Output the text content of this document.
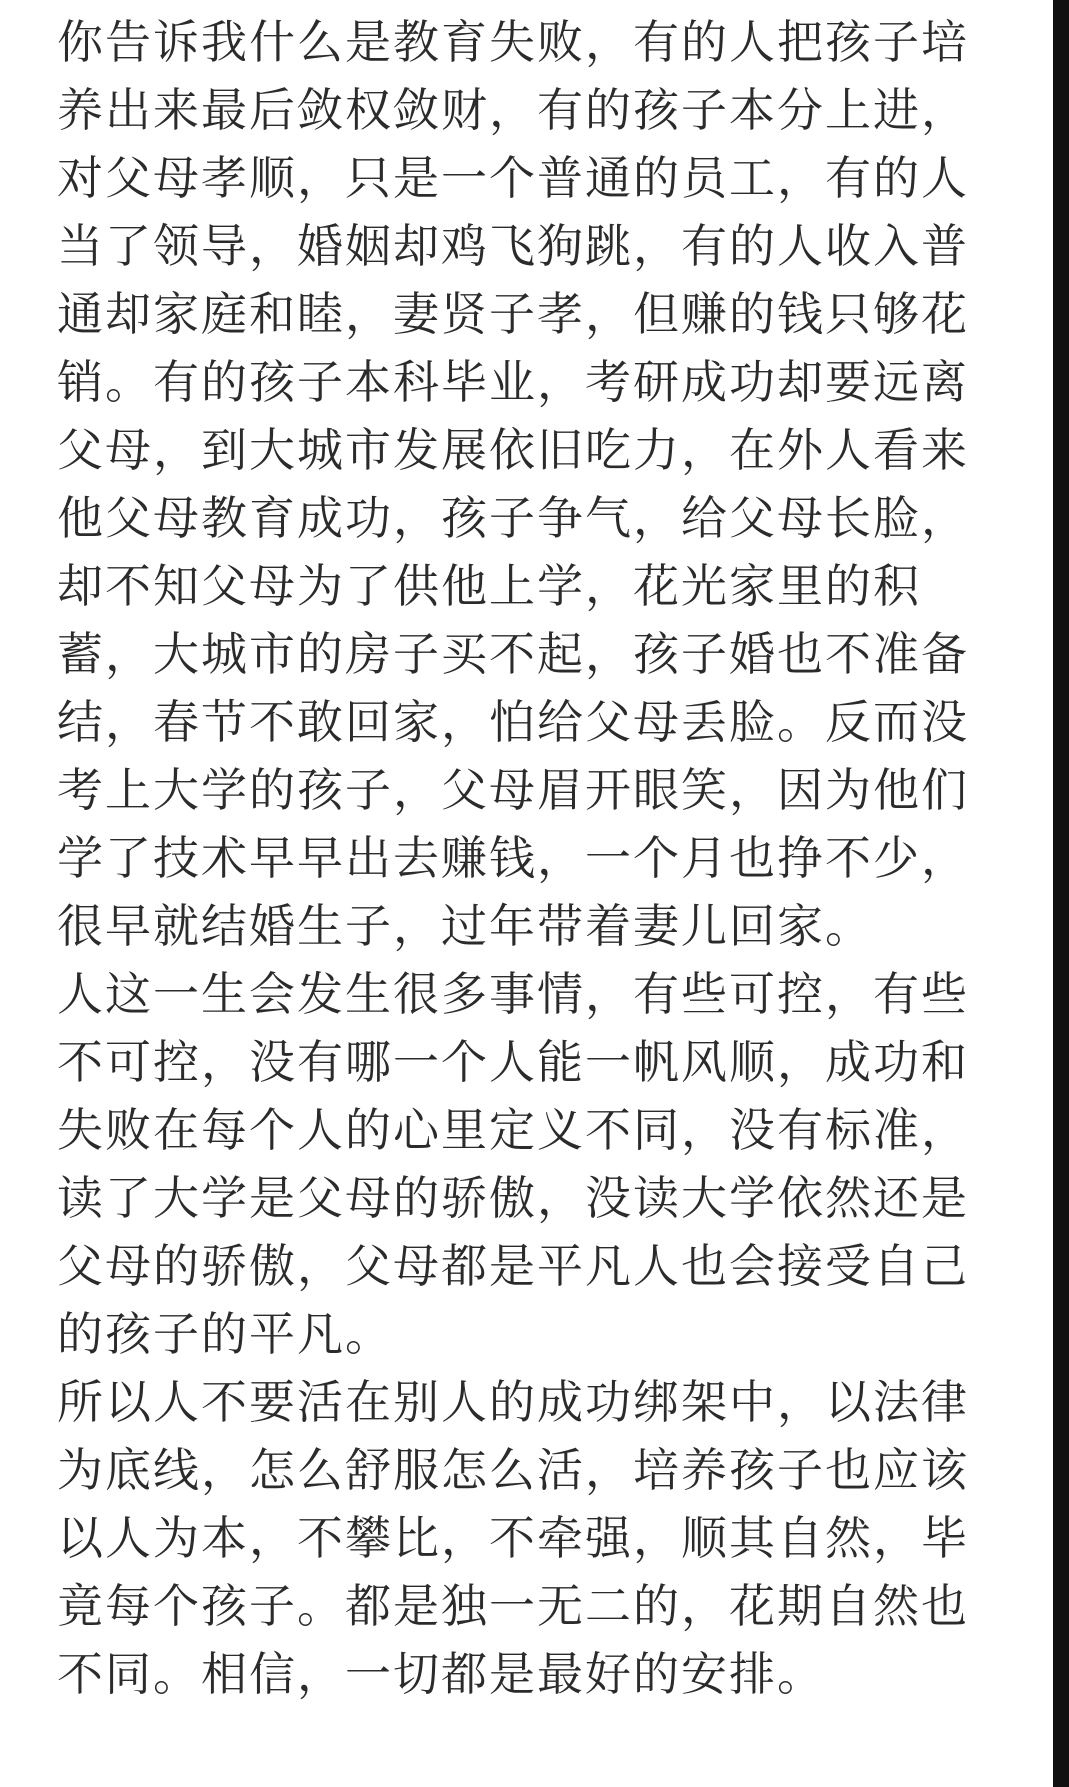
你告诉我什么是教育失败，有的人把孩子培
养出来最后敛权敛财，有的孩子本分上进，
对父母孝顺，只是一个普通的员工，有的人
当了领导，婚姻却鸡飞狗跳，有的人收入普
通却家庭和睦，妻贤子孝，但赚的钱只够花
销。有的孩子本科毕业，考研成功却要远离
父母，到大城市发展依旧吃力，在外人看来
他父母教育成功，孩子争气，给父母长脸，
却不知父母为了供他上学，花光家里的积
蓄，大城市的房子买不起，孩子婚也不准备
结，春节不敢回家，怕给父母丢脸。反而没
考上大学的孩子，父母眉开眼笑，因为他们
学了技术早早出去赚钱，一个月也挣不少，
很早就结婚生子，过年带着妻儿回家。
人这一生会发生很多事情，有些可控，有些
不可控，没有哪一个人能一帆风顺，成功和
失败在每个人的心里定义不同，没有标准，
读了大学是父母的骄傲，没读大学依然还是
父母的骄傲，父母都是平凡人也会接受自己
的孩子的平凡。
所以人不要活在别人的成功绑架中，以法律
为底线，怎么舒服怎么活，培养孩子也应该
以人为本，不攀比，不牵强，顺其自然，毕
竟每个孩子。都是独一无二的，花期自然也
不同。相信，一切都是最好的安排。
